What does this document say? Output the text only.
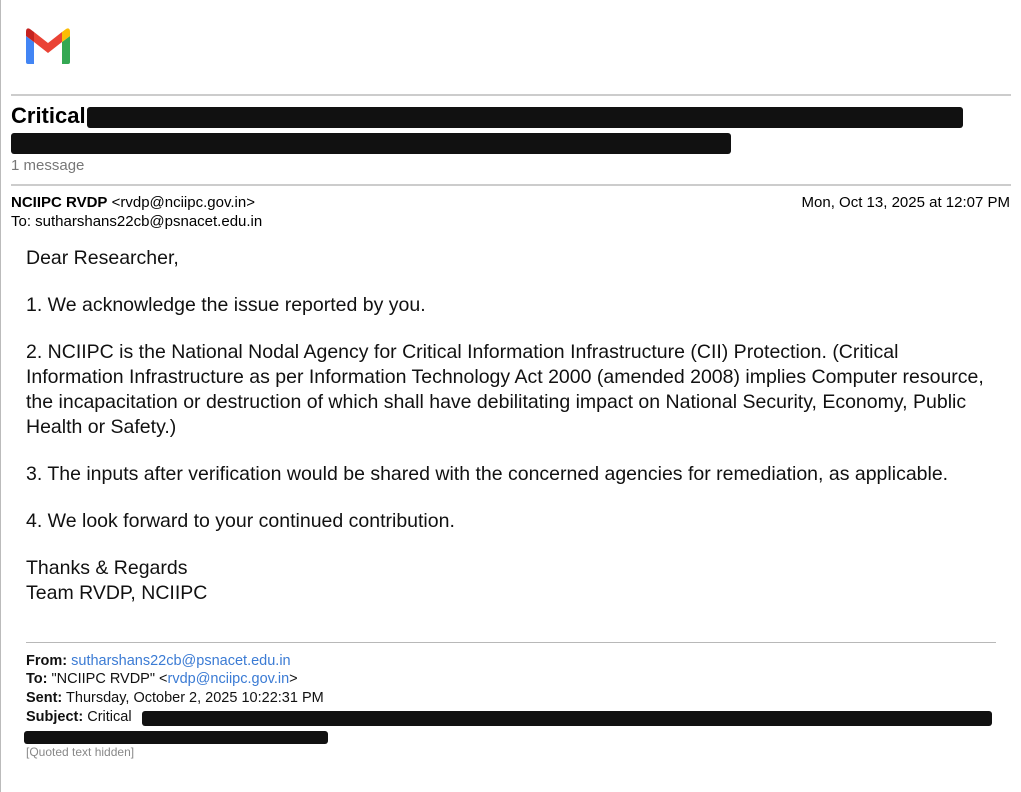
Critical
1 message
NCIIPC RVDP <rvdp@nciipc.gov.in>	Mon, Oct 13, 2025 at 12:07 PM
To: sutharshans22cb@psnacet.edu.in

Dear Researcher,

1. We acknowledge the issue reported by you.

2. NCIIPC is the National Nodal Agency for Critical Information Infrastructure (CII) Protection. (Critical Information Infrastructure as per Information Technology Act 2000 (amended 2008) implies Computer resource, the incapacitation or destruction of which shall have debilitating impact on National Security, Economy, Public Health or Safety.)

3. The inputs after verification would be shared with the concerned agencies for remediation, as applicable.

4. We look forward to your continued contribution.

Thanks & Regards

Team RVDP, NCIIPC

From: sutharshans22cb@psnacet.edu.in
To: "NCIIPC RVDP" <rvdp@nciipc.gov.in>
Sent: Thursday, October 2, 2025 10:22:31 PM
Subject: Critical
[Quoted text hidden]
